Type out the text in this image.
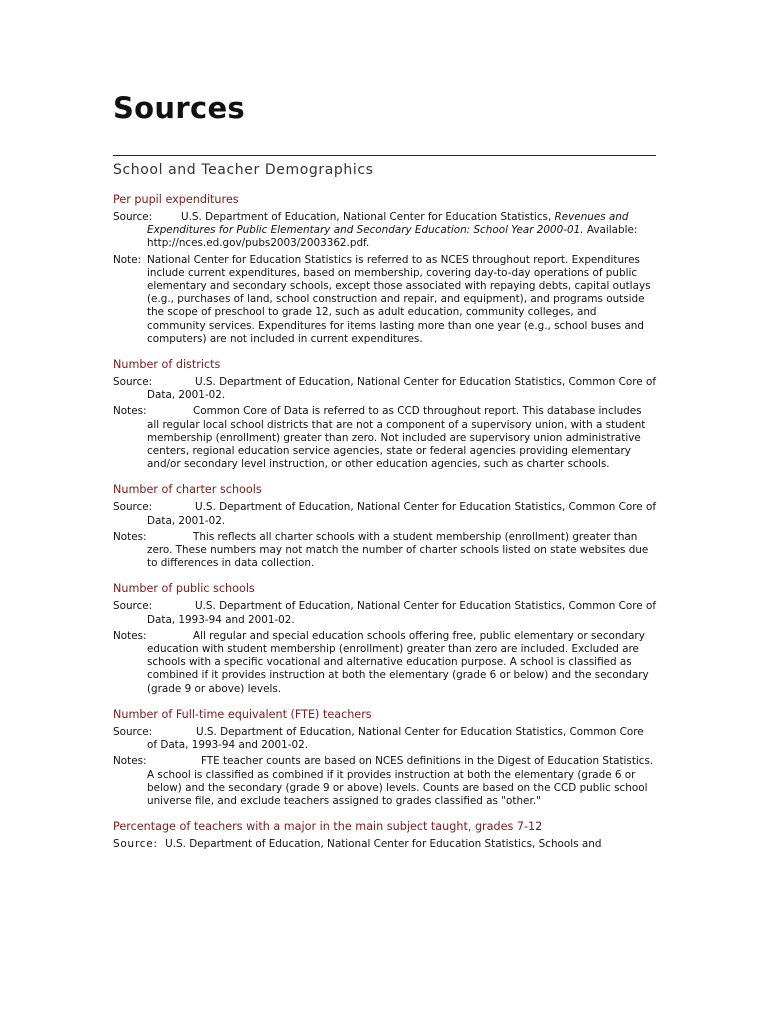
Sources
School and Teacher Demographics
Per pupil expenditures
Source:	U.S. Department of Education, National Center for Education Statistics, Revenues and Expenditures for Public Elementary and Secondary Education: School Year 2000-01. Available: http://nces.ed.gov/pubs2003/2003362.pdf.
Note: National Center for Education Statistics is referred to as NCES throughout report. Expenditures include current expenditures, based on membership, covering day-to-day operations of public elementary and secondary schools, except those associated with repaying debts, capital outlays (e.g., purchases of land, school construction and repair, and equipment), and programs outside the scope of preschool to grade 12, such as adult education, community colleges, and community services. Expenditures for items lasting more than one year (e.g., school buses and computers) are not included in current expenditures.
Number of districts
Source:	U.S. Department of Education, National Center for Education Statistics, Common Core of Data, 2001-02.
Notes:	Common Core of Data is referred to as CCD throughout report. This database includes all regular local school districts that are not a component of a supervisory union, with a student membership (enrollment) greater than zero. Not included are supervisory union administrative centers, regional education service agencies, state or federal agencies providing elementary and/or secondary level instruction, or other education agencies, such as charter schools.
Number of charter schools
Source:	U.S. Department of Education, National Center for Education Statistics, Common Core of Data, 2001-02.
Notes:	This reflects all charter schools with a student membership (enrollment) greater than zero. These numbers may not match the number of charter schools listed on state websites due to differences in data collection.
Number of public schools
Source:	U.S. Department of Education, National Center for Education Statistics, Common Core of Data, 1993-94 and 2001-02.
Notes:	All regular and special education schools offering free, public elementary or secondary education with student membership (enrollment) greater than zero are included. Excluded are schools with a specific vocational and alternative education purpose. A school is classified as combined if it provides instruction at both the elementary (grade 6 or below) and the secondary (grade 9 or above) levels.
Number of Full-time equivalent (FTE) teachers
Source:	U.S. Department of Education, National Center for Education Statistics, Common Core of Data, 1993-94 and 2001-02.
Notes:	FTE teacher counts are based on NCES definitions in the Digest of Education Statistics. A school is classified as combined if it provides instruction at both the elementary (grade 6 or below) and the secondary (grade 9 or above) levels. Counts are based on the CCD public school universe file, and exclude teachers assigned to grades classified as "other."
Percentage of teachers with a major in the main subject taught, grades 7-12
Source: U.S. Department of Education, National Center for Education Statistics, Schools and
